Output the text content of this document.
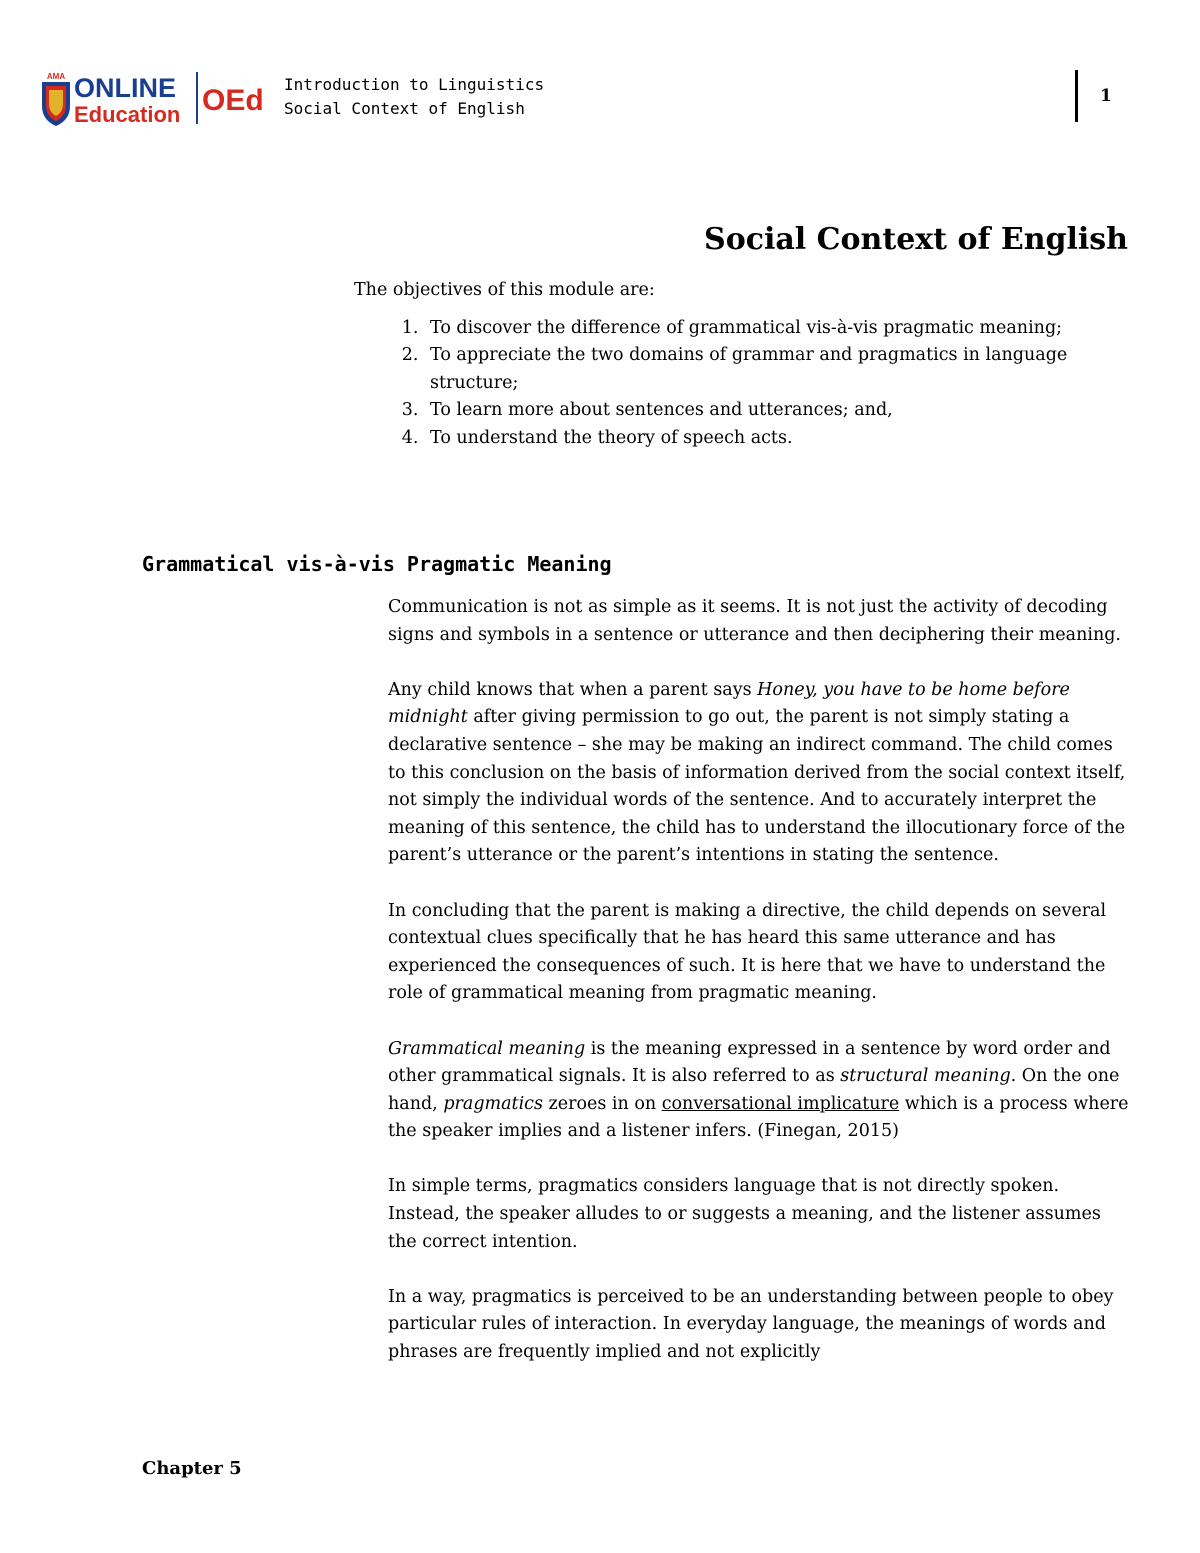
AMA ONLINE
Education OEd Introduction to Linguistics
Social Context of English
1
Social Context of English

The objectives of this module are:

1. To discover the difference of grammatical vis-à-vis pragmatic meaning;
2. To appreciate the two domains of grammar and pragmatics in language structure;
3. To learn more about sentences and utterances; and,
4. To understand the theory of speech acts.
Grammatical vis-à-vis Pragmatic Meaning

Communication is not as simple as it seems. It is not just the activity of decoding signs and symbols in a sentence or utterance and then deciphering their meaning.

Any child knows that when a parent says Honey, you have to be home before midnight after giving permission to go out, the parent is not simply stating a declarative sentence – she may be making an indirect command. The child comes to this conclusion on the basis of information derived from the social context itself, not simply the individual words of the sentence. And to accurately interpret the meaning of this sentence, the child has to understand the illocutionary force of the parent’s utterance or the parent’s intentions in stating the sentence.

In concluding that the parent is making a directive, the child depends on several contextual clues specifically that he has heard this same utterance and has experienced the consequences of such. It is here that we have to understand the role of grammatical meaning from pragmatic meaning.

Grammatical meaning is the meaning expressed in a sentence by word order and other grammatical signals. It is also referred to as structural meaning. On the one hand, pragmatics zeroes in on conversational implicature which is a process where the speaker implies and a listener infers. (Finegan, 2015)

In simple terms, pragmatics considers language that is not directly spoken. Instead, the speaker alludes to or suggests a meaning, and the listener assumes the correct intention.

In a way, pragmatics is perceived to be an understanding between people to obey particular rules of interaction. In everyday language, the meanings of words and phrases are frequently implied and not explicitly

Chapter 5
